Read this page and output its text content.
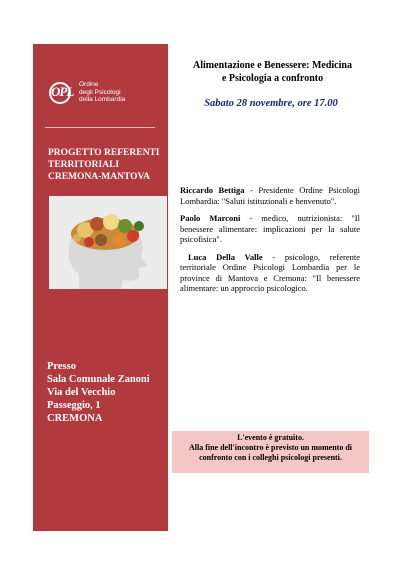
OPL Ordine
degli Psicologi
della Lombardia
PROGETTO REFERENTI
TERRITORIALI
CREMONA-MANTOVA
Presso
Sala Comunale Zanoni
Via del Vecchio
Passeggio, 1
CREMONA
Alimentazione e Benessere: Medicina
e Psicologia a confronto
Sabato 28 novembre, ore 17.00

Riccardo Bettiga - Presidente Ordine Psicologi Lombardia: "Saluti istituzionali e benvenuto".

Paolo Marconi - medico, nutrizionista: "Il benessere alimentare: implicazioni per la salute psicofisica".

Luca Della Valle - psicologo, referente territoriale Ordine Psicologi Lombardia per le province di Mantova e Cremona: "Il benessere alimentare: un approccio psicologico.

L'evento è gratuito.
Alla fine dell'incontro è previsto un momento di
confronto con i colleghi psicologi presenti.
